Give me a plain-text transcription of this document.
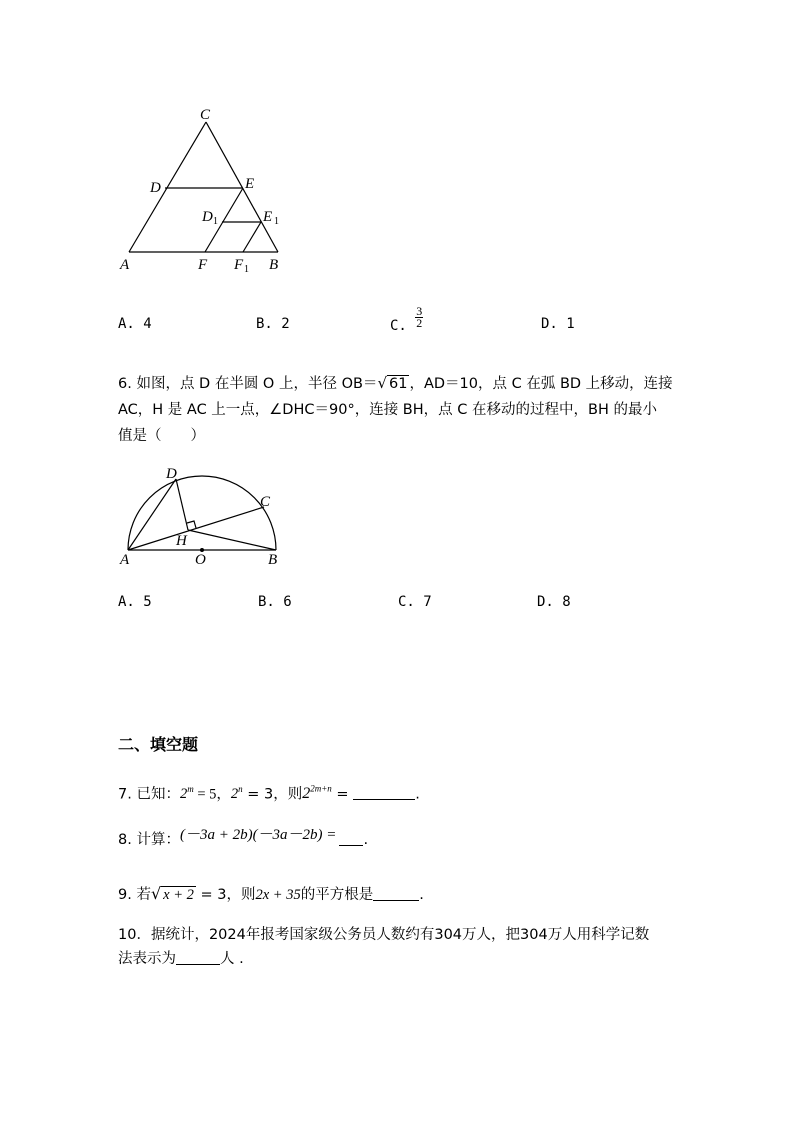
C
D	E
D 1	E 1
A	F F 1 B
A. 4	B. 2	C. $\frac{3}{2}$	D. 1
6. 如图，点 D 在半圆 O 上，半径 OB＝√ 61 ，AD＝10，点 C 在弧 BD 上移动，连接
AC，H 是 AC 上一点，∠DHC＝90°，连接 BH，点 C 在移动的过程中，BH 的最小
值是（　　）
D
C
H
A	O	B
A. 5	B. 6	C. 7	D. 8
二、填空题
7. 已知：$2^m = 5$，$2^n = 3$，则$2^{2m+n}$ =	.
8. 计算：(－3a + 2b)(－3a－2b) = .
9. 若√ x + 2 = 3，则2x + 35的平方根是	.
10．据统计，2024年报考国家级公务员人数约有304万人，把304万人用科学记数
法表示为	人 .
